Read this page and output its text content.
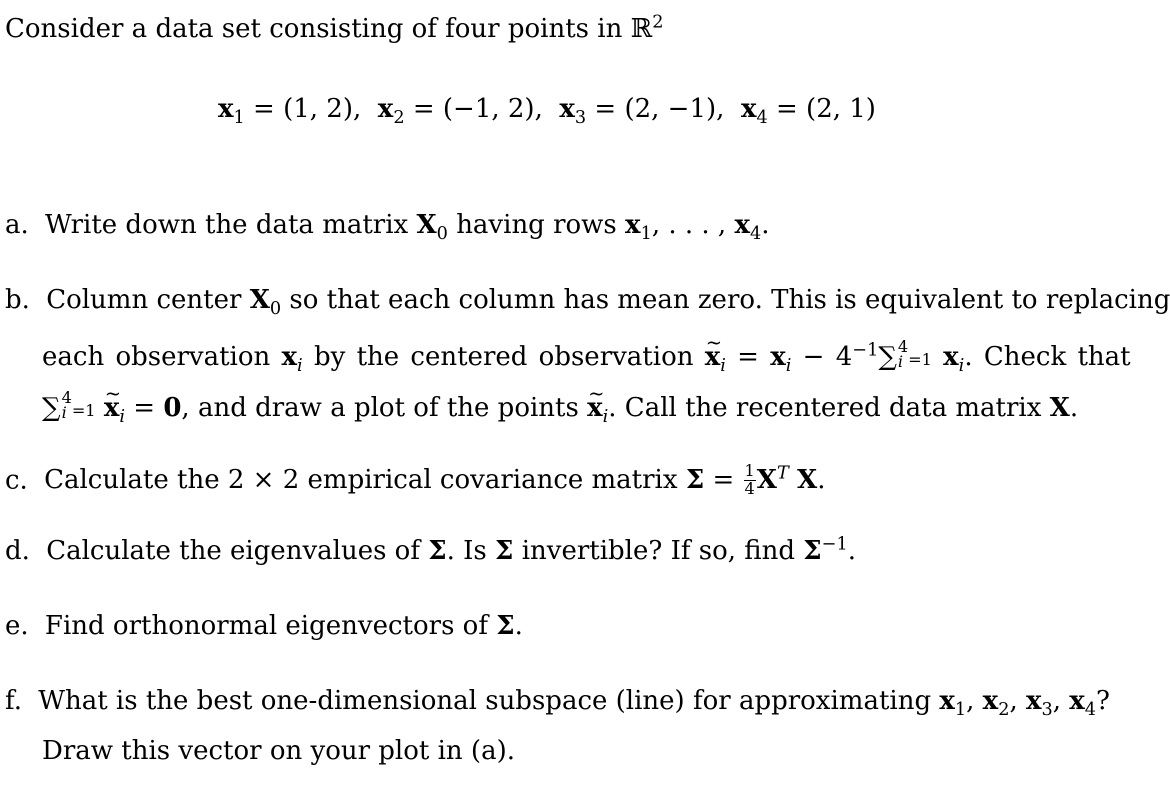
Consider a data set consisting of four points in ℝ$^2$
$x_1 = (1$, 2),  $x_2 = (-1$, 2),  $x_3 = (2$, −1),  $x_4 = (2$, 1)
a. Write down the data matrix $X_0$ having rows $x_1$, . . . , $x_4$.
b. Column center $X_0$ so that each column has mean zero. This is equivalent to replacing
each observation $x_i$ by the centered observation ~ $x_i = x_i - 4^{-1}\sum$ 4
i =1 $x_i$. Check that
∑ 4
i =1 ~ $x_i = 0$, and draw a plot of the points ~ $x_i$. Call the recentered data matrix X.
c. Calculate the 2 × 2 empirical covariance matrix $\Sigma = \frac{1}{4} X^T$ X.
d. Calculate the eigenvalues of Σ. Is Σ invertible? If so, find $\Sigma^{-1}$.
e. Find orthonormal eigenvectors of Σ.
f. What is the best one-dimensional subspace (line) for approximating $x_1$, $x_2$, $x_3$, $x_4$?
Draw this vector on your plot in (a).
